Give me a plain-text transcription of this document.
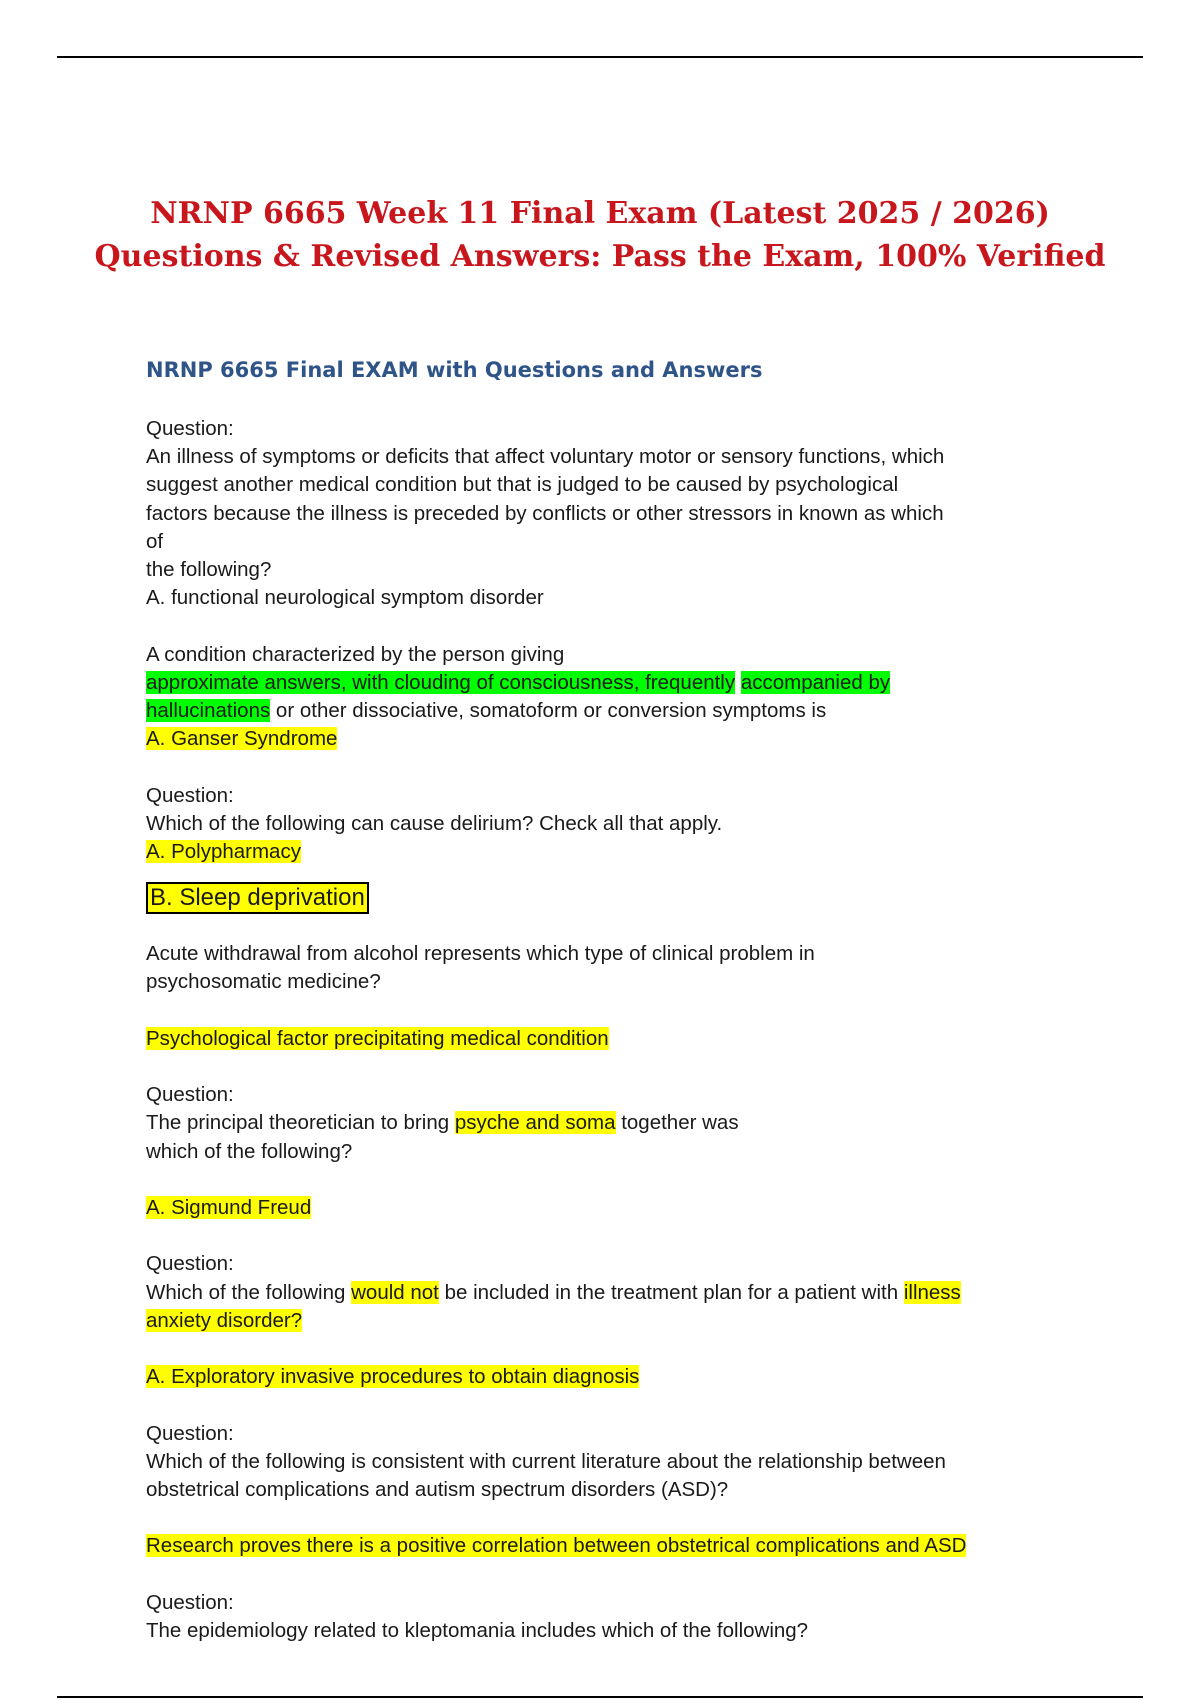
NRNP 6665 Week 11 Final Exam (Latest 2025 / 2026)
Questions & Revised Answers: Pass the Exam, 100% Verified
NRNP 6665 Final EXAM with Questions and Answers

Question:

An illness of symptoms or deficits that affect voluntary motor or sensory functions, which

suggest another medical condition but that is judged to be caused by psychological

factors because the illness is preceded by conflicts or other stressors in known as which

of

the following?

A. functional neurological symptom disorder

A condition characterized by the person giving

approximate answers, with clouding of consciousness, frequently accompanied by

hallucinations or other dissociative, somatoform or conversion symptoms is

A. Ganser Syndrome

Question:

Which of the following can cause delirium? Check all that apply.

A. Polypharmacy

B. Sleep deprivation

Acute withdrawal from alcohol represents which type of clinical problem in

psychosomatic medicine?

Psychological factor precipitating medical condition

Question:

The principal theoretician to bring psyche and soma together was

which of the following?

A. Sigmund Freud

Question:

Which of the following would not be included in the treatment plan for a patient with illness

anxiety disorder?

A. Exploratory invasive procedures to obtain diagnosis

Question:

Which of the following is consistent with current literature about the relationship between

obstetrical complications and autism spectrum disorders (ASD)?

Research proves there is a positive correlation between obstetrical complications and ASD

Question:

The epidemiology related to kleptomania includes which of the following?
